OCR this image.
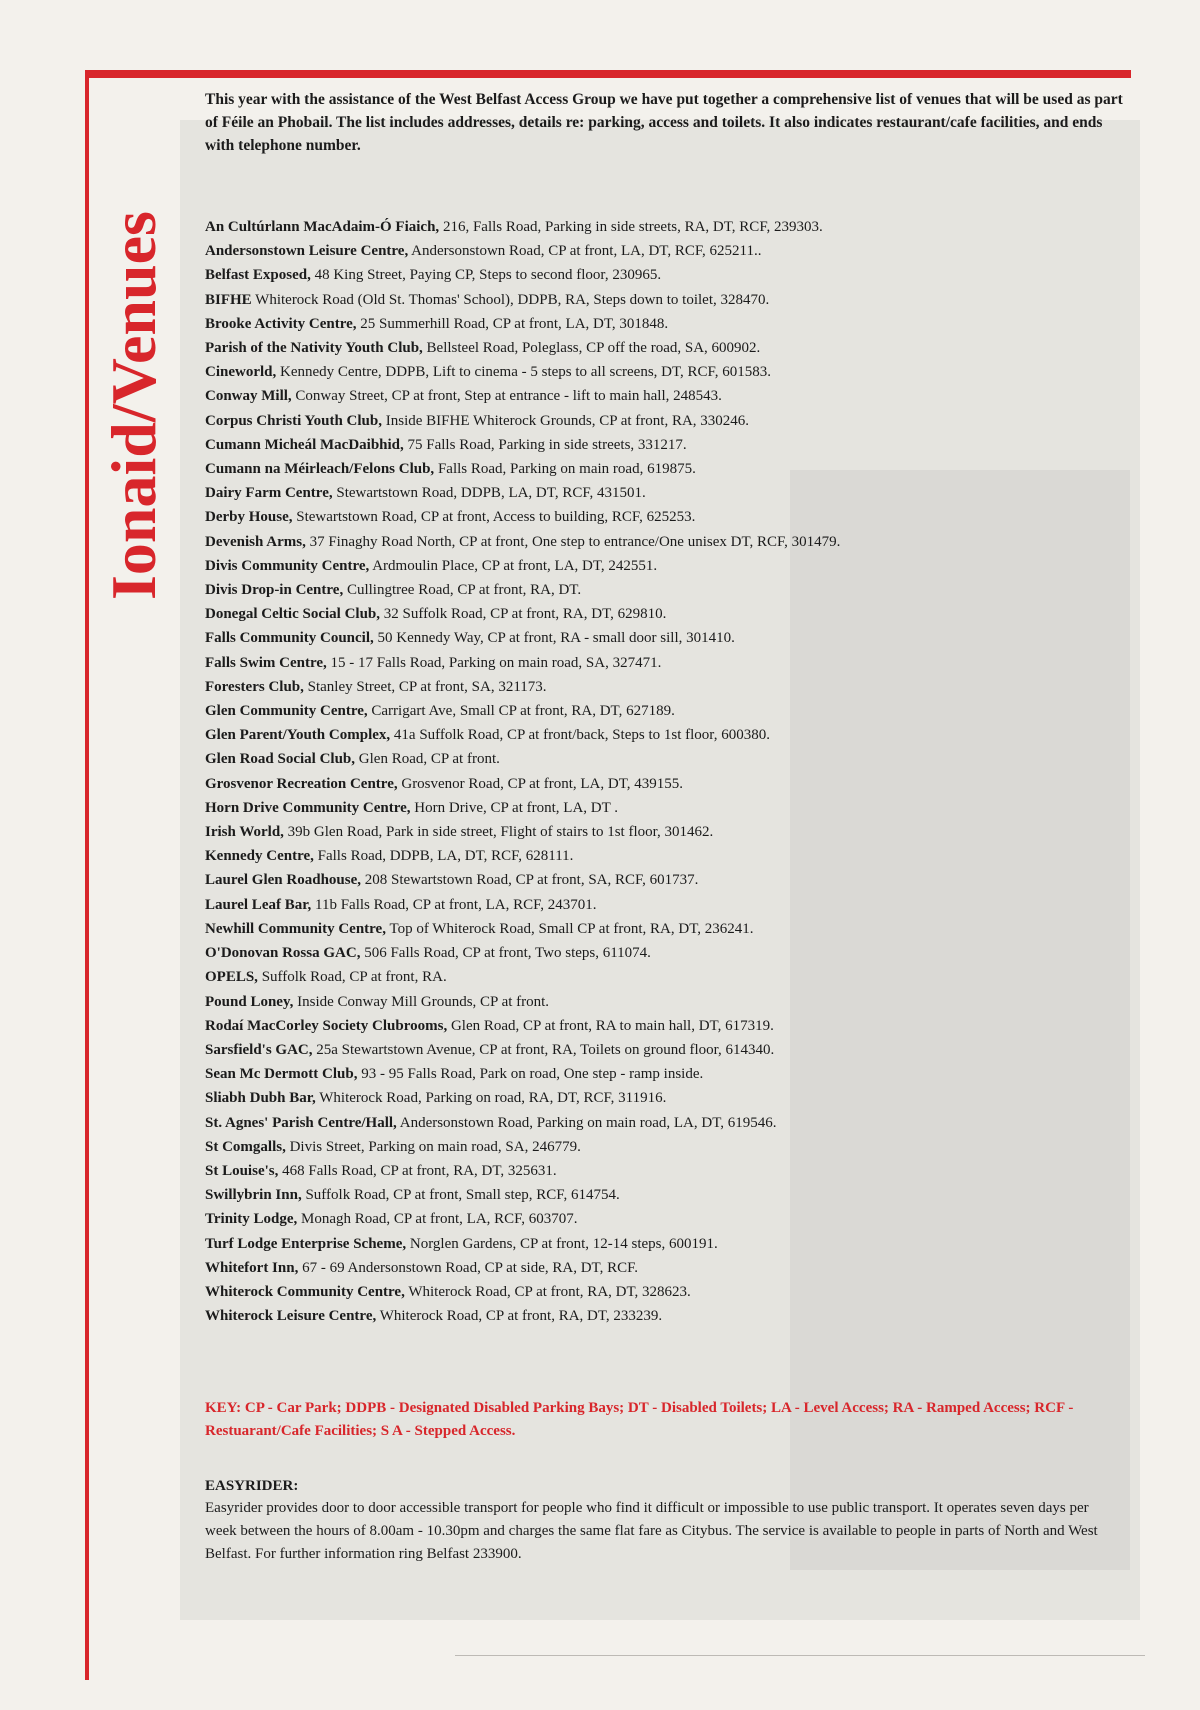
Ionaid/Venues

This year with the assistance of the West Belfast Access Group we have put together a comprehensive list of venues that will be used as part of Féile an Phobail. The list includes addresses, details re: parking, access and toilets. It also indicates restaurant/cafe facilities, and ends with telephone number.

An Cultúrlann MacAdaim-Ó Fiaich, 216, Falls Road, Parking in side streets, RA, DT, RCF, 239303.
Andersonstown Leisure Centre, Andersonstown Road, CP at front, LA, DT, RCF, 625211..
Belfast Exposed, 48 King Street, Paying CP, Steps to second floor, 230965.
BIFHE Whiterock Road (Old St. Thomas' School), DDPB, RA, Steps down to toilet, 328470.
Brooke Activity Centre, 25 Summerhill Road, CP at front, LA, DT, 301848.
Parish of the Nativity Youth Club, Bellsteel Road, Poleglass, CP off the road, SA, 600902.
Cineworld, Kennedy Centre, DDPB, Lift to cinema - 5 steps to all screens, DT, RCF, 601583.
Conway Mill, Conway Street, CP at front, Step at entrance - lift to main hall, 248543.
Corpus Christi Youth Club, Inside BIFHE Whiterock Grounds, CP at front, RA, 330246.
Cumann Micheál MacDaibhid, 75 Falls Road, Parking in side streets, 331217.
Cumann na Méirleach/Felons Club, Falls Road, Parking on main road, 619875.
Dairy Farm Centre, Stewartstown Road, DDPB, LA, DT, RCF, 431501.
Derby House, Stewartstown Road, CP at front, Access to building, RCF, 625253.
Devenish Arms, 37 Finaghy Road North, CP at front, One step to entrance/One unisex DT, RCF, 301479.
Divis Community Centre, Ardmoulin Place, CP at front, LA, DT, 242551.
Divis Drop-in Centre, Cullingtree Road, CP at front, RA, DT.
Donegal Celtic Social Club, 32 Suffolk Road, CP at front, RA, DT, 629810.
Falls Community Council, 50 Kennedy Way, CP at front, RA - small door sill, 301410.
Falls Swim Centre, 15 - 17 Falls Road, Parking on main road, SA, 327471.
Foresters Club, Stanley Street, CP at front, SA, 321173.
Glen Community Centre, Carrigart Ave, Small CP at front, RA, DT, 627189.
Glen Parent/Youth Complex, 41a Suffolk Road, CP at front/back, Steps to 1st floor, 600380.
Glen Road Social Club, Glen Road, CP at front.
Grosvenor Recreation Centre, Grosvenor Road, CP at front, LA, DT, 439155.
Horn Drive Community Centre, Horn Drive, CP at front, LA, DT .
Irish World, 39b Glen Road, Park in side street, Flight of stairs to 1st floor, 301462.
Kennedy Centre, Falls Road, DDPB, LA, DT, RCF, 628111.
Laurel Glen Roadhouse, 208 Stewartstown Road, CP at front, SA, RCF, 601737.
Laurel Leaf Bar, 11b Falls Road, CP at front, LA, RCF, 243701.
Newhill Community Centre, Top of Whiterock Road, Small CP at front, RA, DT, 236241.
O'Donovan Rossa GAC, 506 Falls Road, CP at front, Two steps, 611074.
OPELS, Suffolk Road, CP at front, RA.
Pound Loney, Inside Conway Mill Grounds, CP at front.
Rodaí MacCorley Society Clubrooms, Glen Road, CP at front, RA to main hall, DT, 617319.
Sarsfield's GAC, 25a Stewartstown Avenue, CP at front, RA, Toilets on ground floor, 614340.
Sean Mc Dermott Club, 93 - 95 Falls Road, Park on road, One step - ramp inside.
Sliabh Dubh Bar, Whiterock Road, Parking on road, RA, DT, RCF, 311916.
St. Agnes' Parish Centre/Hall, Andersonstown Road, Parking on main road, LA, DT, 619546.
St Comgalls, Divis Street, Parking on main road, SA, 246779.
St Louise's, 468 Falls Road, CP at front, RA, DT, 325631.
Swillybrin Inn, Suffolk Road, CP at front, Small step, RCF, 614754.
Trinity Lodge, Monagh Road, CP at front, LA, RCF, 603707.
Turf Lodge Enterprise Scheme, Norglen Gardens, CP at front, 12-14 steps, 600191.
Whitefort Inn, 67 - 69 Andersonstown Road, CP at side, RA, DT, RCF.
Whiterock Community Centre, Whiterock Road, CP at front, RA, DT, 328623.
Whiterock Leisure Centre, Whiterock Road, CP at front, RA, DT, 233239.

KEY: CP - Car Park; DDPB - Designated Disabled Parking Bays; DT - Disabled Toilets; LA - Level Access; RA - Ramped Access; RCF - Restuarant/Cafe Facilities; S A - Stepped Access.

EASYRIDER:

Easyrider provides door to door accessible transport for people who find it difficult or impossible to use public transport. It operates seven days per week between the hours of 8.00am - 10.30pm and charges the same flat fare as Citybus. The service is available to people in parts of North and West Belfast. For further information ring Belfast 233900.
